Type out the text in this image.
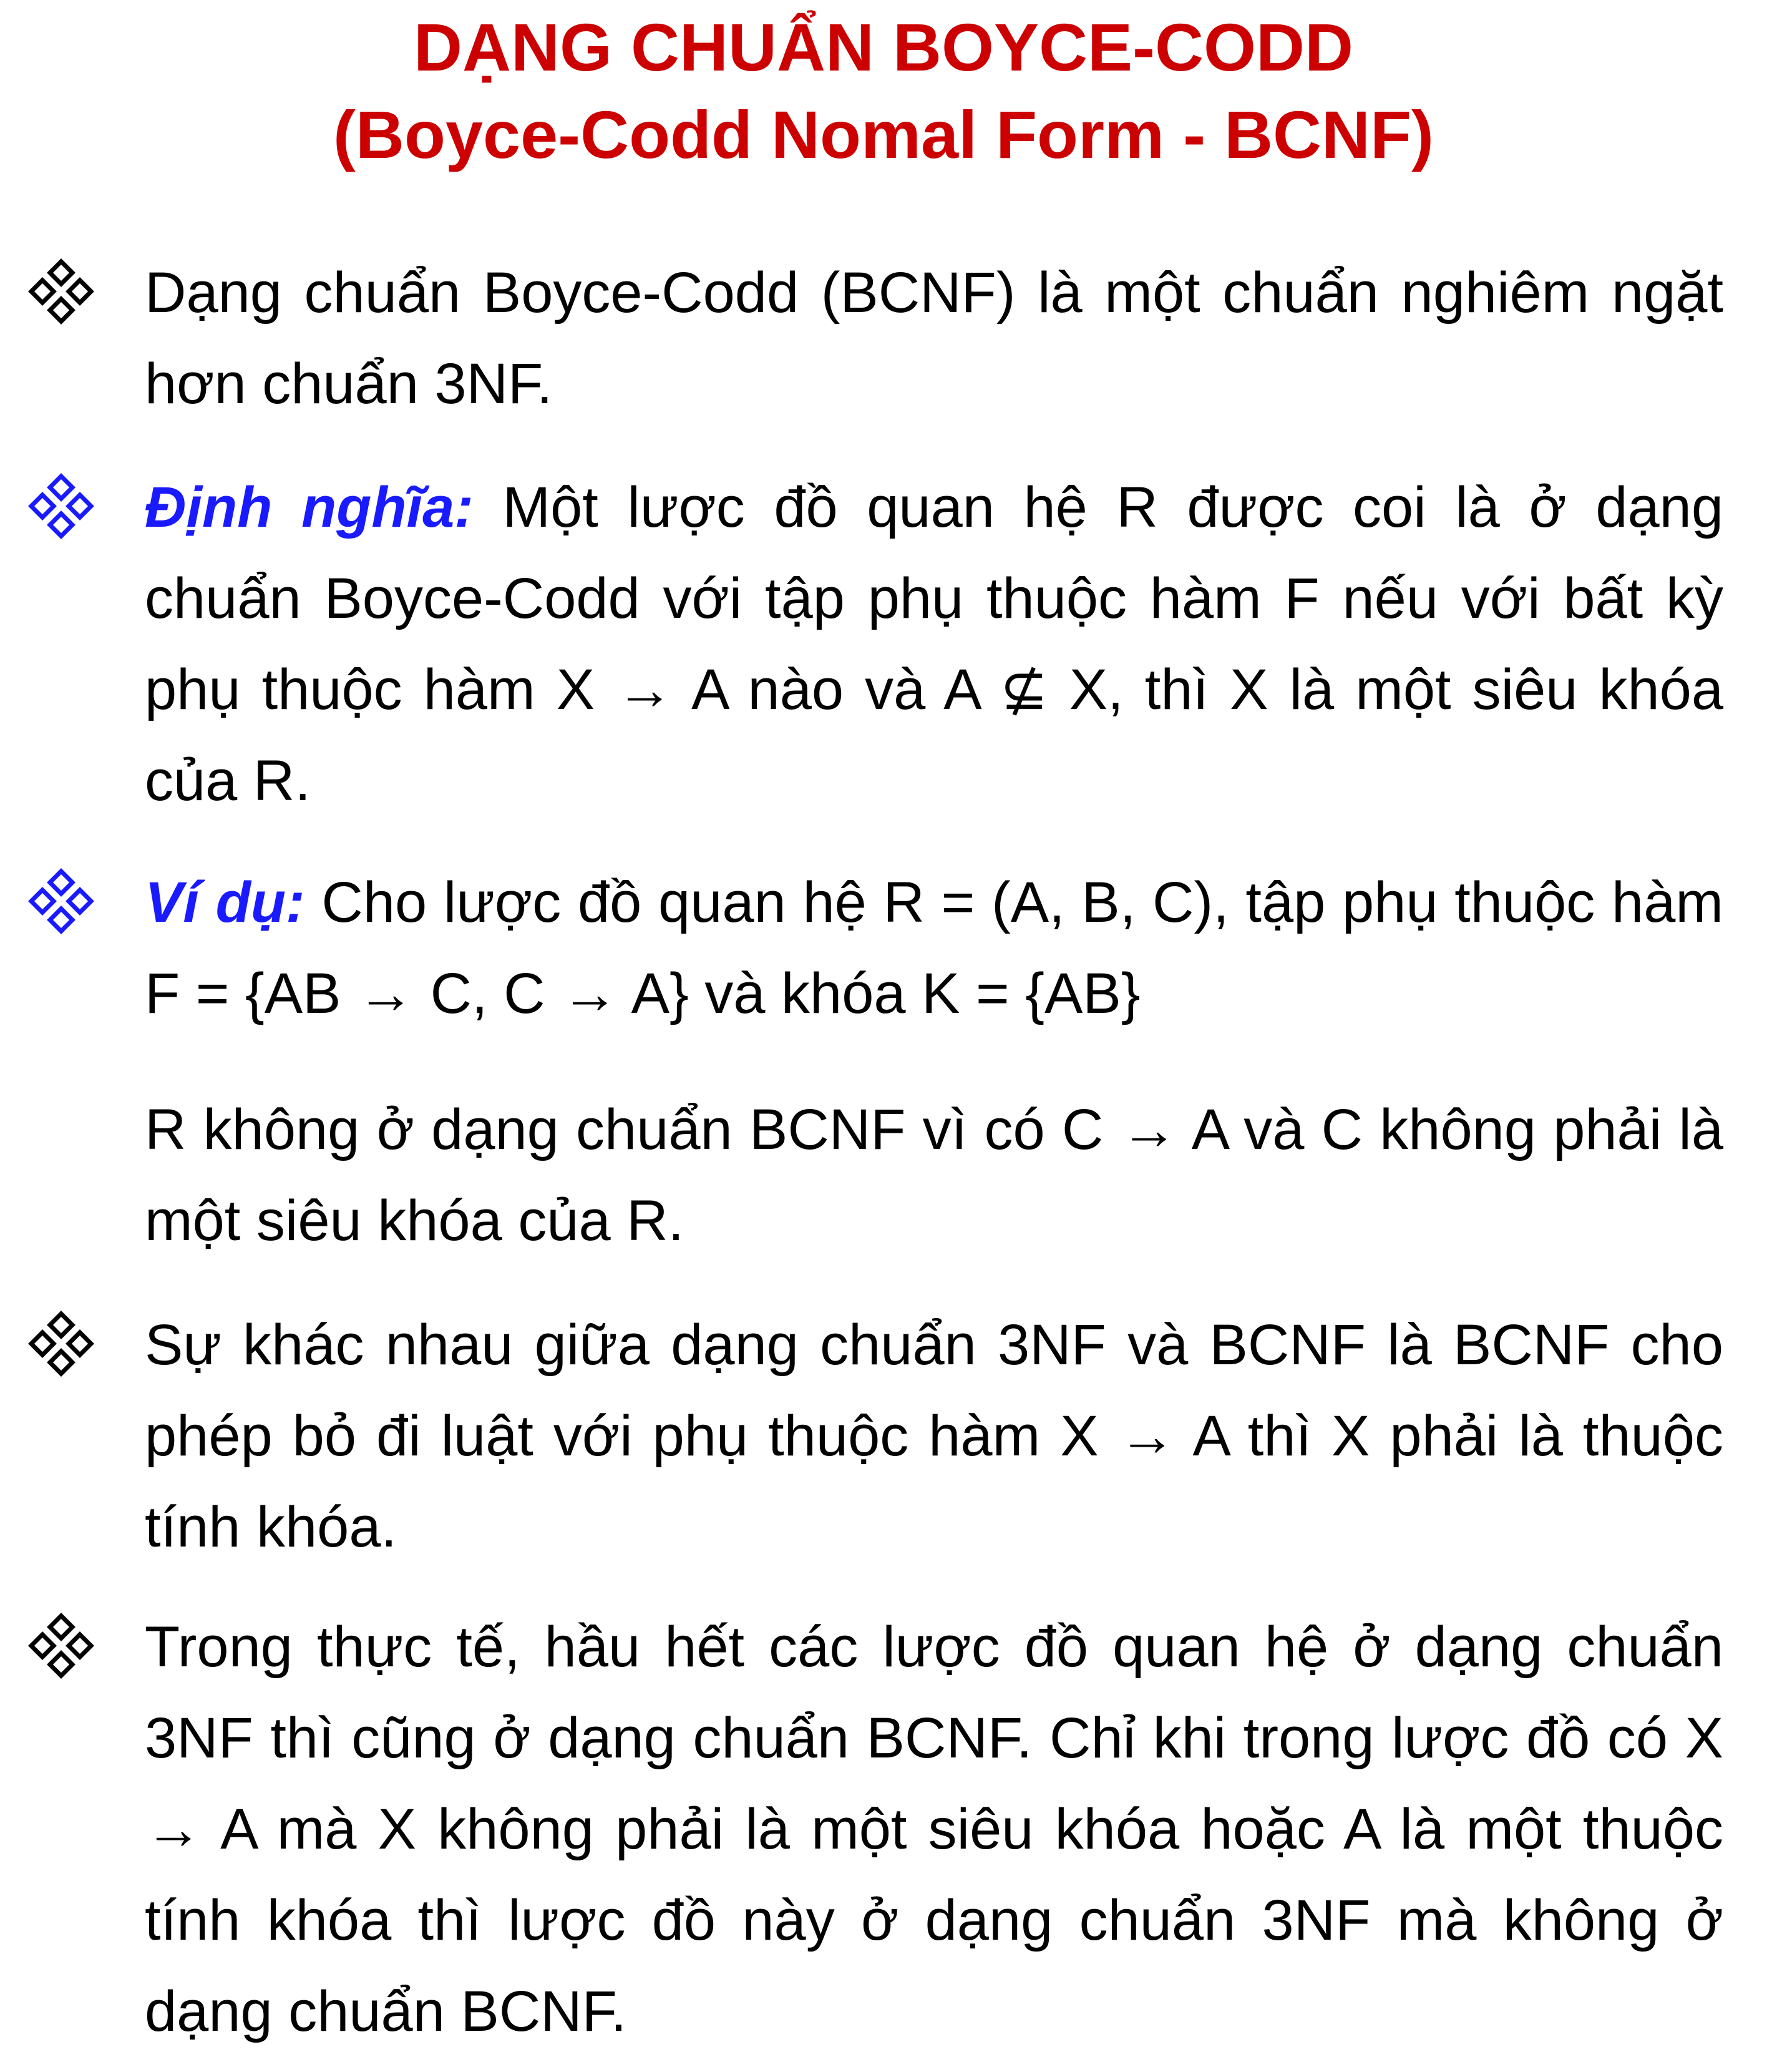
DẠNG CHUẨN BOYCE-CODD
(Boyce-Codd Nomal Form - BCNF)
Dạng chuẩn Boyce-Codd (BCNF) là một chuẩn nghiêm ngặt hơn chuẩn 3NF.
Định nghĩa: Một lược đồ quan hệ R được coi là ở dạng chuẩn Boyce-Codd với tập phụ thuộc hàm F nếu với bất kỳ phụ thuộc hàm X → A nào và A ⊈ X, thì X là một siêu khóa của R.
Ví dụ: Cho lược đồ quan hệ R = (A, B, C), tập phụ thuộc hàm F = {AB → C, C → A} và khóa K = {AB}
R không ở dạng chuẩn BCNF vì có C → A và C không phải là một siêu khóa của R.
Sự khác nhau giữa dạng chuẩn 3NF và BCNF là BCNF cho phép bỏ đi luật với phụ thuộc hàm X → A thì X phải là thuộc tính khóa.
Trong thực tế, hầu hết các lược đồ quan hệ ở dạng chuẩn 3NF thì cũng ở dạng chuẩn BCNF. Chỉ khi trong lược đồ có X → A mà X không phải là một siêu khóa hoặc A là một thuộc tính khóa thì lược đồ này ở dạng chuẩn 3NF mà không ở dạng chuẩn BCNF.
